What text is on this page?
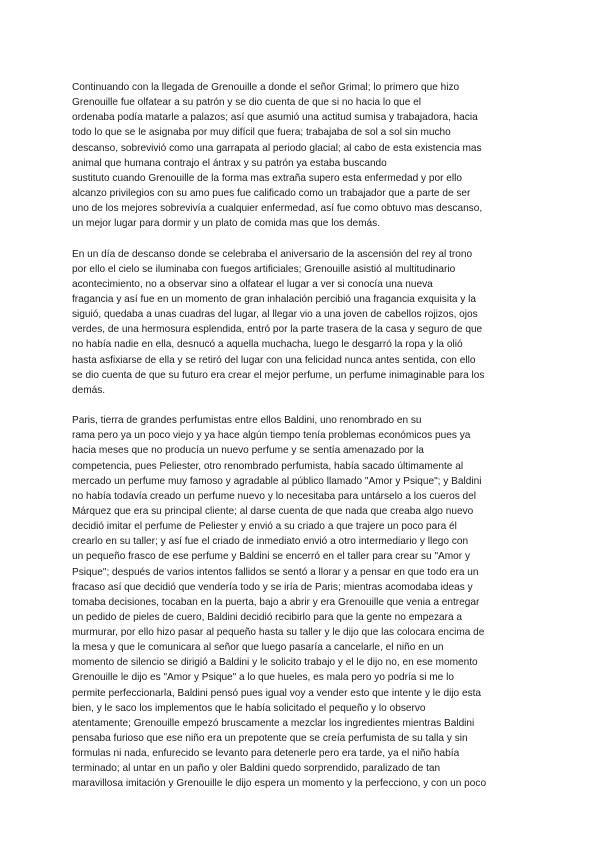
Continuando con la llegada de Grenouille a donde el señor Grimal; lo primero que hizo
Grenouille fue olfatear a su patrón y se dio cuenta de que si no hacia lo que el
ordenaba podía matarle a palazos; así que asumió una actitud sumisa y trabajadora, hacia
todo lo que se le asignaba por muy difícil que fuera; trabajaba de sol a sol sin mucho
descanso, sobrevivió como una garrapata al periodo glacial; al cabo de esta existencia mas
animal que humana contrajo el ántrax y su patrón ya estaba buscando
sustituto cuando Grenouille de la forma mas extraña supero esta enfermedad y por ello
alcanzo privilegios con su amo pues fue calificado como un trabajador que a parte de ser
uno de los mejores sobrevivía a cualquier enfermedad, así fue como obtuvo mas descanso,
un mejor lugar para dormir y un plato de comida mas que los demás.
En un día de descanso donde se celebraba el aniversario de la ascensión del rey al trono
por ello el cielo se iluminaba con fuegos artificiales; Grenouille asistió al multitudinario
acontecimiento, no a observar sino a olfatear el lugar a ver si conocía una nueva
fragancia y así fue en un momento de gran inhalación percibió una fragancia exquisita y la
siguió, quedaba a unas cuadras del lugar, al llegar vio a una joven de cabellos rojizos, ojos
verdes, de una hermosura esplendida, entró por la parte trasera de la casa y seguro de que
no había nadie en ella, desnucó a aquella muchacha, luego le desgarró la ropa y la olió
hasta asfixiarse de ella y se retiró del lugar con una felicidad nunca antes sentida, con ello
se dio cuenta de que su futuro era crear el mejor perfume, un perfume inimaginable para los
demás.
Paris, tierra de grandes perfumistas entre ellos Baldini, uno renombrado en su
rama pero ya un poco viejo y ya hace algún tiempo tenía problemas económicos pues ya
hacia meses que no producía un nuevo perfume y se sentía amenazado por la
competencia, pues Peliester, otro renombrado perfumista, había sacado últimamente al
mercado un perfume muy famoso y agradable al público llamado "Amor y Psique"; y Baldini
no había todavía creado un perfume nuevo y lo necesitaba para untárselo a los cueros del
Márquez que era su principal cliente; al darse cuenta de que nada que creaba algo nuevo
decidió imitar el perfume de Peliester y envió a su criado a que trajere un poco para él
crearlo en su taller; y así fue el criado de inmediato envió a otro intermediario y llego con
un pequeño frasco de ese perfume y Baldini se encerró en el taller para crear su "Amor y
Psique"; después de varios intentos fallidos se sentó a llorar y a pensar en que todo era un
fracaso así que decidió que vendería todo y se iría de Paris; mientras acomodaba ideas y
tomaba decisiones, tocaban en la puerta, bajo a abrir y era Grenouille que venia a entregar
un pedido de pieles de cuero, Baldini decidió recibirlo para que la gente no empezara a
murmurar, por ello hizo pasar al pequeño hasta su taller y le dijo que las colocara encima de
la mesa y que le comunicara al señor que luego pasaría a cancelarle, el niño en un
momento de silencio se dirigió a Baldini y le solicito trabajo y el le dijo no, en ese momento
Grenouille le dijo es "Amor y Psique" a lo que hueles, es mala pero yo podría si me lo
permite perfeccionarla, Baldini pensó pues igual voy a vender esto que intente y le dijo esta
bien, y le saco los implementos que le había solicitado el pequeño y lo observo
atentamente; Grenouille empezó bruscamente a mezclar los ingredientes mientras Baldini
pensaba furioso que ese niño era un prepotente que se creía perfumista de su talla y sin
formulas ni nada, enfurecido se levanto para detenerle pero era tarde, ya el niño había
terminado; al untar en un paño y oler Baldini quedo sorprendido, paralizado de tan
maravillosa imitación y Grenouille le dijo espera un momento y la perfecciono, y con un poco
